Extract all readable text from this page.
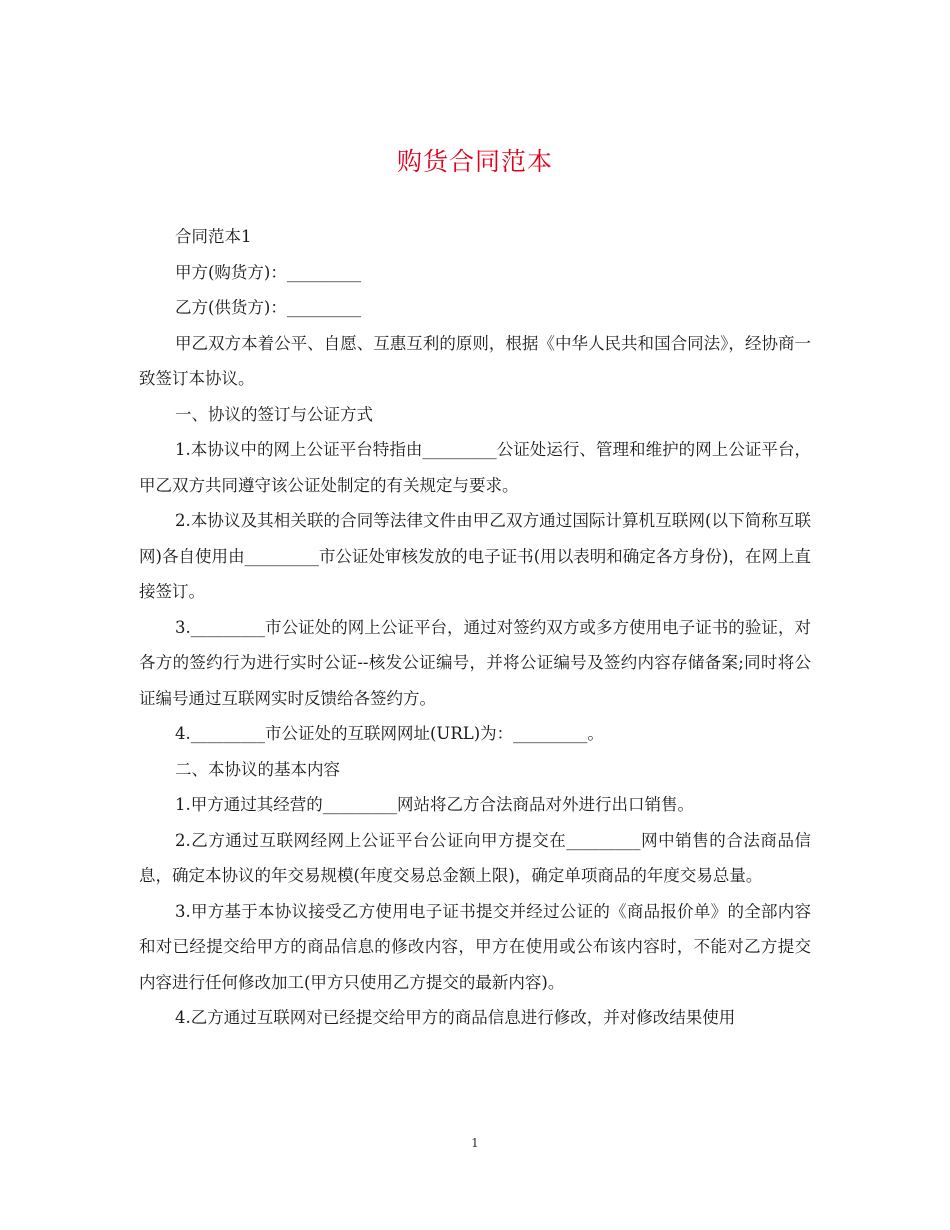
购货合同范本

合同范本1

甲方(购货方)：_________

乙方(供货方)：_________

甲乙双方本着公平、自愿、互惠互利的原则，根据《中华人民共和国合同法》，经协商一致签订本协议。

一、协议的签订与公证方式

1.本协议中的网上公证平台特指由_________公证处运行、管理和维护的网上公证平台，甲乙双方共同遵守该公证处制定的有关规定与要求。

2.本协议及其相关联的合同等法律文件由甲乙双方通过国际计算机互联网(以下简称互联网)各自使用由_________市公证处审核发放的电子证书(用以表明和确定各方身份)，在网上直接签订。

3._________市公证处的网上公证平台，通过对签约双方或多方使用电子证书的验证，对各方的签约行为进行实时公证--核发公证编号，并将公证编号及签约内容存储备案;同时将公证编号通过互联网实时反馈给各签约方。

4._________市公证处的互联网网址(URL)为：_________。

二、本协议的基本内容

1.甲方通过其经营的_________网站将乙方合法商品对外进行出口销售。

2.乙方通过互联网经网上公证平台公证向甲方提交在_________网中销售的合法商品信息，确定本协议的年交易规模(年度交易总金额上限)，确定单项商品的年度交易总量。

3.甲方基于本协议接受乙方使用电子证书提交并经过公证的《商品报价单》的全部内容和对已经提交给甲方的商品信息的修改内容，甲方在使用或公布该内容时，不能对乙方提交内容进行任何修改加工(甲方只使用乙方提交的最新内容)。

4.乙方通过互联网对已经提交给甲方的商品信息进行修改，并对修改结果使用

1
